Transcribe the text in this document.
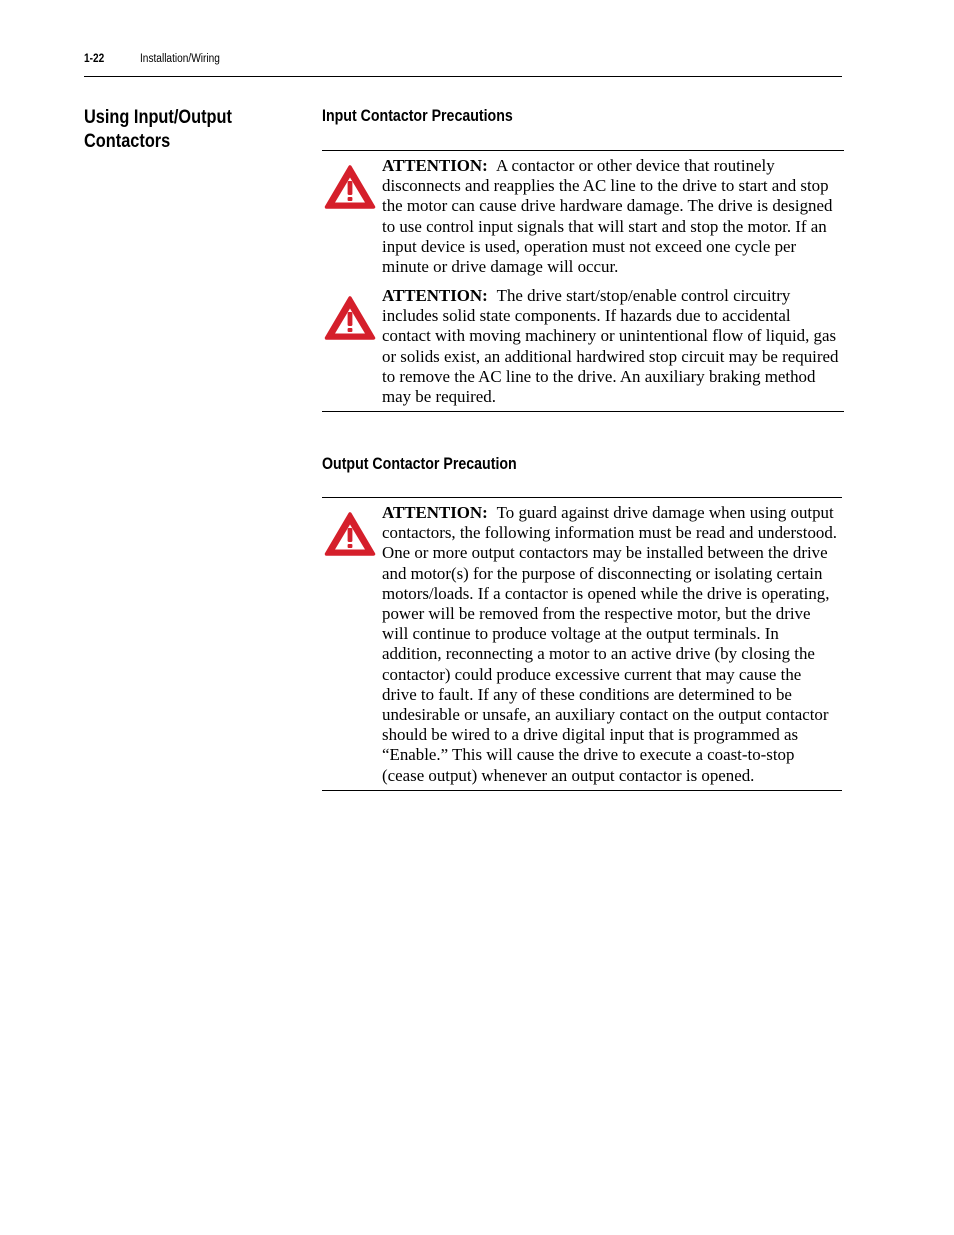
1-22	Installation/Wiring
Using Input/Output Contactors
Input Contactor Precautions

ATTENTION: A contactor or other device that routinely disconnects and reapplies the AC line to the drive to start and stop the motor can cause drive hardware damage. The drive is designed to use control input signals that will start and stop the motor. If an input device is used, operation must not exceed one cycle per minute or drive damage will occur.

ATTENTION: The drive start/stop/enable control circuitry includes solid state components. If hazards due to accidental contact with moving machinery or unintentional flow of liquid, gas or solids exist, an additional hardwired stop circuit may be required to remove the AC line to the drive. An auxiliary braking method may be required.

Output Contactor Precaution

ATTENTION: To guard against drive damage when using output contactors, the following information must be read and understood. One or more output contactors may be installed between the drive and motor(s) for the purpose of disconnecting or isolating certain motors/loads. If a contactor is opened while the drive is operating, power will be removed from the respective motor, but the drive will continue to produce voltage at the output terminals. In addition, reconnecting a motor to an active drive (by closing the contactor) could produce excessive current that may cause the drive to fault. If any of these conditions are determined to be undesirable or unsafe, an auxiliary contact on the output contactor should be wired to a drive digital input that is programmed as “Enable.” This will cause the drive to execute a coast-to-stop (cease output) whenever an output contactor is opened.
